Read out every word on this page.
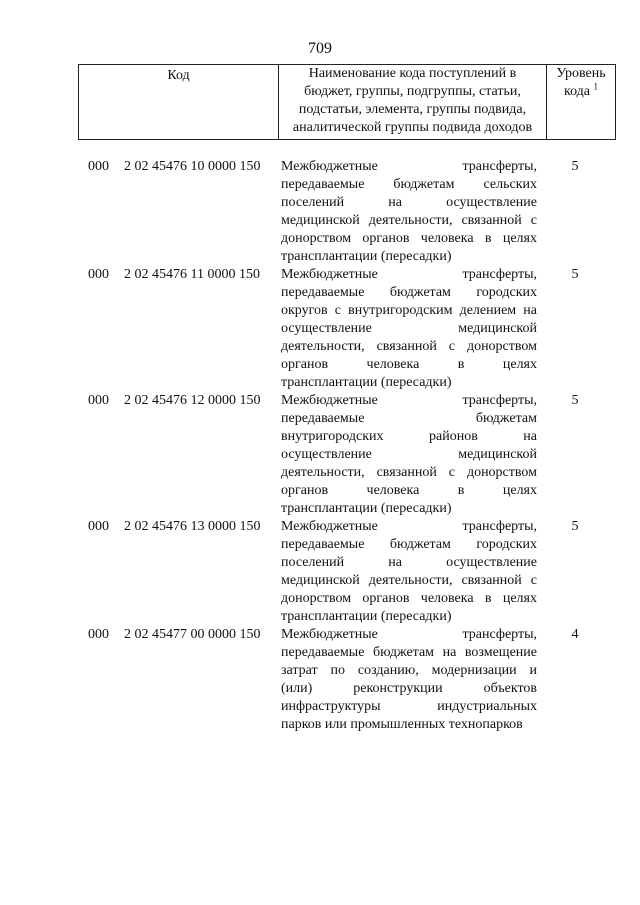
709
Код	Наименование кода поступлений в
бюджет, группы, подгруппы, статьи,
подстатьи, элемента, группы подвида,
аналитической группы подвида доходов	Уровень
кода $^1$
000	2 02 45476 10 0000 150	Межбюджетные трансферты,
передаваемые бюджетам сельских
поселений на осуществление
медицинской деятельности, связанной с
донорством органов человека в целях
трансплантации (пересадки)
5
000	2 02 45476 11 0000 150	Межбюджетные трансферты,
передаваемые бюджетам городских
округов с внутригородским делением на
осуществление медицинской
деятельности, связанной с донорством
органов человека в целях
трансплантации (пересадки)
5
000	2 02 45476 12 0000 150	Межбюджетные трансферты,
передаваемые бюджетам
внутригородских районов на
осуществление медицинской
деятельности, связанной с донорством
органов человека в целях
трансплантации (пересадки)
5
000	2 02 45476 13 0000 150	Межбюджетные трансферты,
передаваемые бюджетам городских
поселений на осуществление
медицинской деятельности, связанной с
донорством органов человека в целях
трансплантации (пересадки)
5
000	2 02 45477 00 0000 150	Межбюджетные трансферты,
передаваемые бюджетам на возмещение
затрат по созданию, модернизации и
(или) реконструкции объектов
инфраструктуры индустриальных
парков или промышленных технопарков
4
